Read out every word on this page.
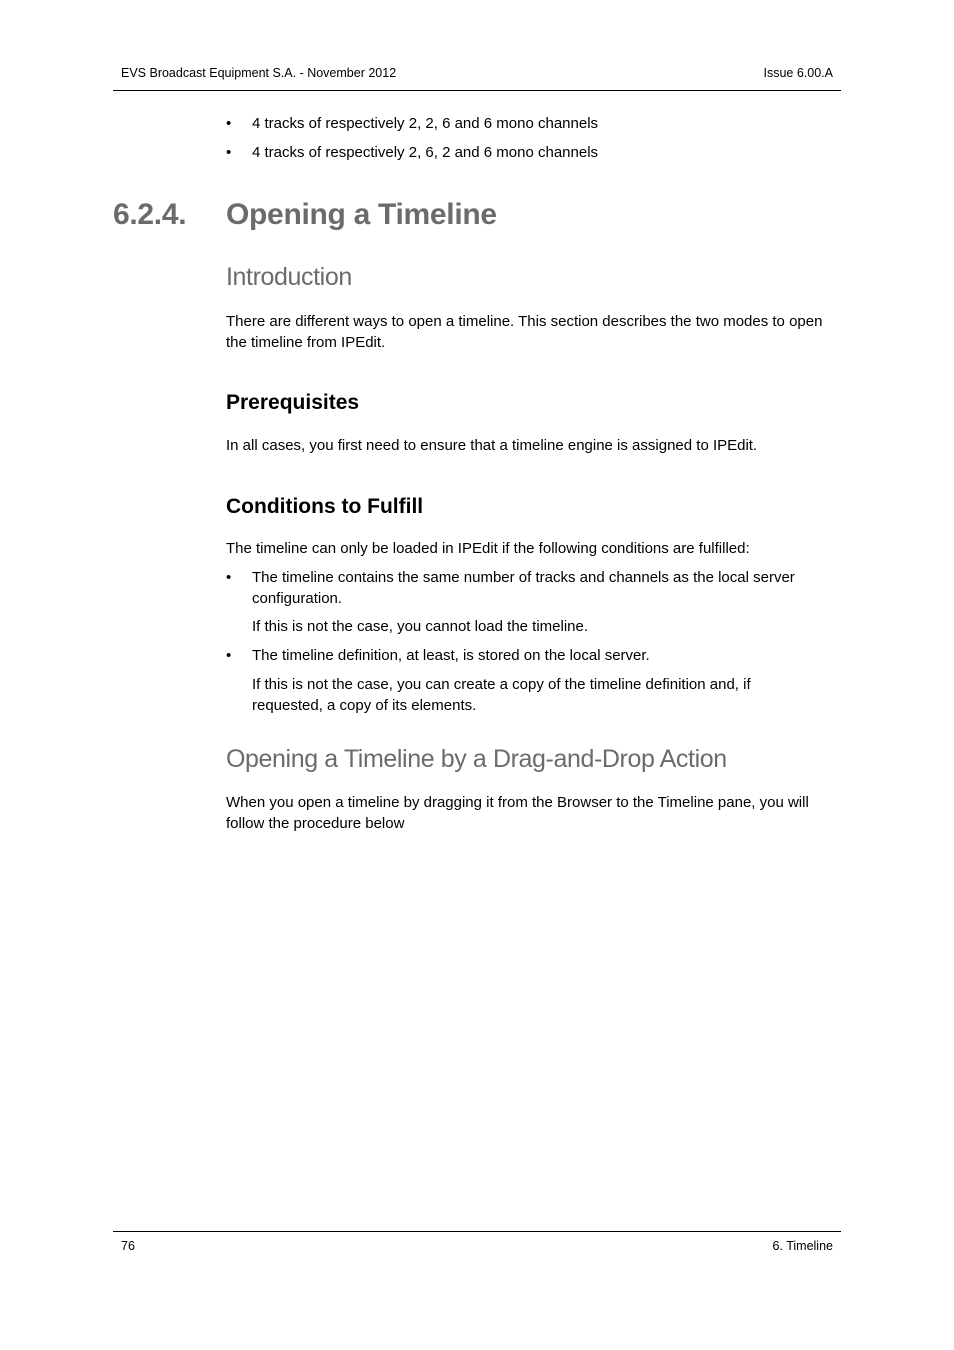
EVS Broadcast Equipment S.A. - November 2012	Issue 6.00.A
•	4 tracks of respectively 2, 2, 6 and 6 mono channels
•	4 tracks of respectively 2, 6, 2 and 6 mono channels
6.2.4. Opening a Timeline
Introduction

There are different ways to open a timeline. This section describes the two modes to open the timeline from IPEdit.

Prerequisites

In all cases, you first need to ensure that a timeline engine is assigned to IPEdit.

Conditions to Fulfill

The timeline can only be loaded in IPEdit if the following conditions are fulfilled:

•	The timeline contains the same number of tracks and channels as the local server configuration.

If this is not the case, you cannot load the timeline.

•	The timeline definition, at least, is stored on the local server.

If this is not the case, you can create a copy of the timeline definition and, if requested, a copy of its elements.

Opening a Timeline by a Drag-and-Drop Action

When you open a timeline by dragging it from the Browser to the Timeline pane, you will follow the procedure below

76	6. Timeline
